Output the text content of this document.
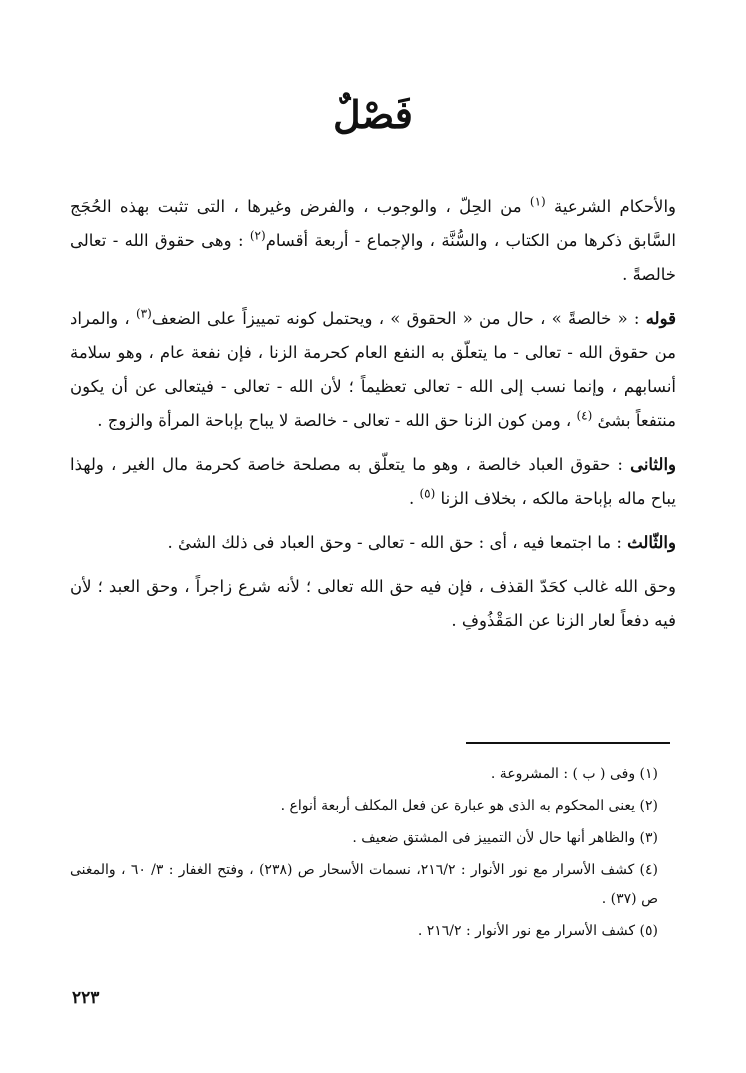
فَصْلٌ

والأحكام الشرعية $^{(١)}$ من الحِلّ ، والوجوب ، والفرض وغيرها ، التى تثبت بهذه الحُجَج السَّابق ذكرها من الكتاب ، والسُّنَّة ، والإجماع - أربعة أقسام$^{(٢)}$ : وهى حقوق الله - تعالى خالصةً .

قوله : « خالصةً » ، حال من « الحقوق » ، ويحتمل كونه تمييزاً على الضعف$^{(٣)}$ ، والمراد من حقوق الله - تعالى - ما يتعلّق به النفع العام كحرمة الزنا ، فإن نفعة عام ، وهو سلامة أنسابهم ، وإنما نسب إلى الله - تعالى تعظيماً ؛ لأن الله - تعالى - فيتعالى عن أن يكون منتفعاً بشئ $^{(٤)}$ ، ومن كون الزنا حق الله - تعالى - خالصة لا يباح بإباحة المرأة والزوج .

والثانى : حقوق العباد خالصة ، وهو ما يتعلّق به مصلحة خاصة كحرمة مال الغير ، ولهذا يباح ماله بإباحة مالكه ، بخلاف الزنا $^{(٥)}$ .

والثّالث : ما اجتمعا فيه ، أى : حق الله - تعالى - وحق العباد فى ذلك الشئ .

وحق الله غالب كحَدّ القذف ، فإن فيه حق الله تعالى ؛ لأنه شرع زاجراً ، وحق العبد ؛ لأن فيه دفعاً لعار الزنا عن المَقْذُوفِ .

(١) وفى ( ب ) : المشروعة .
(٢) يعنى المحكوم به الذى هو عبارة عن فعل المكلف أربعة أنواع .
(٣) والظاهر أنها حال لأن التمييز فى المشتق ضعيف .
(٤) كشف الأسرار مع نور الأنوار : ٢١٦/٢، نسمات الأسحار ص (٢٣٨) ، وفتح الغفار : ٣/ ٦٠ ، والمغنى ص (٣٧) .
(٥) كشف الأسرار مع نور الأنوار : ٢١٦/٢ .
٢٢٣
